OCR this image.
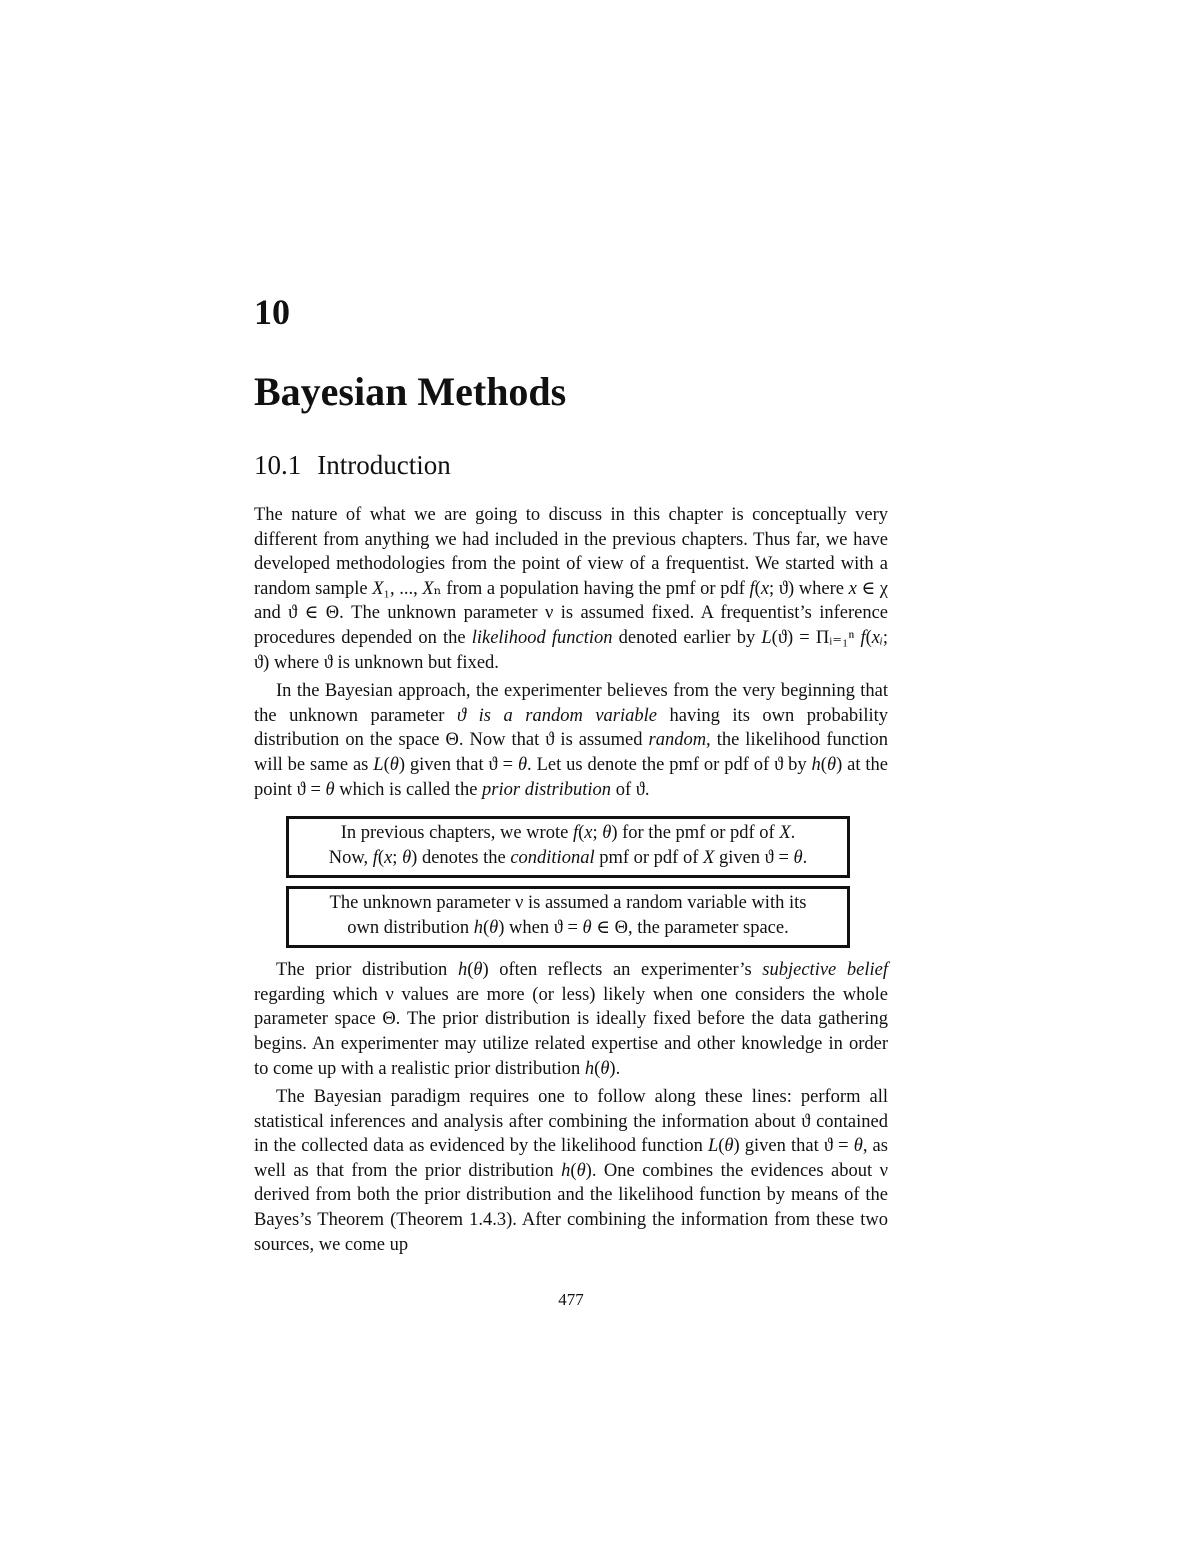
10
Bayesian Methods
10.1 Introduction

The nature of what we are going to discuss in this chapter is conceptually very different from anything we had included in the previous chapters. Thus far, we have developed methodologies from the point of view of a frequentist. We started with a random sample X₁, ..., Xₙ from a population having the pmf or pdf f(x; ϑ) where x ∈ χ and ϑ ∈ Θ. The unknown parameter ν is assumed fixed. A frequentist’s inference procedures depended on the likelihood function denoted earlier by L(ϑ) = Πᵢ₌₁ⁿ f(xᵢ; ϑ) where ϑ is unknown but fixed.

In the Bayesian approach, the experimenter believes from the very beginning that the unknown parameter ϑ is a random variable having its own probability distribution on the space Θ. Now that ϑ is assumed random, the likelihood function will be same as L(θ) given that ϑ = θ. Let us denote the pmf or pdf of ϑ by h(θ) at the point ϑ = θ which is called the prior distribution of ϑ.

In previous chapters, we wrote f(x; θ) for the pmf or pdf of X.
Now, f(x; θ) denotes the conditional pmf or pdf of X given ϑ = θ.
The unknown parameter ν is assumed a random variable with its
own distribution h(θ) when ϑ = θ ∈ Θ, the parameter space.

The prior distribution h(θ) often reflects an experimenter’s subjective belief regarding which ν values are more (or less) likely when one considers the whole parameter space Θ. The prior distribution is ideally fixed before the data gathering begins. An experimenter may utilize related expertise and other knowledge in order to come up with a realistic prior distribution h(θ).

The Bayesian paradigm requires one to follow along these lines: perform all statistical inferences and analysis after combining the information about ϑ contained in the collected data as evidenced by the likelihood function L(θ) given that ϑ = θ, as well as that from the prior distribution h(θ). One combines the evidences about ν derived from both the prior distribution and the likelihood function by means of the Bayes’s Theorem (Theorem 1.4.3). After combining the information from these two sources, we come up

477
